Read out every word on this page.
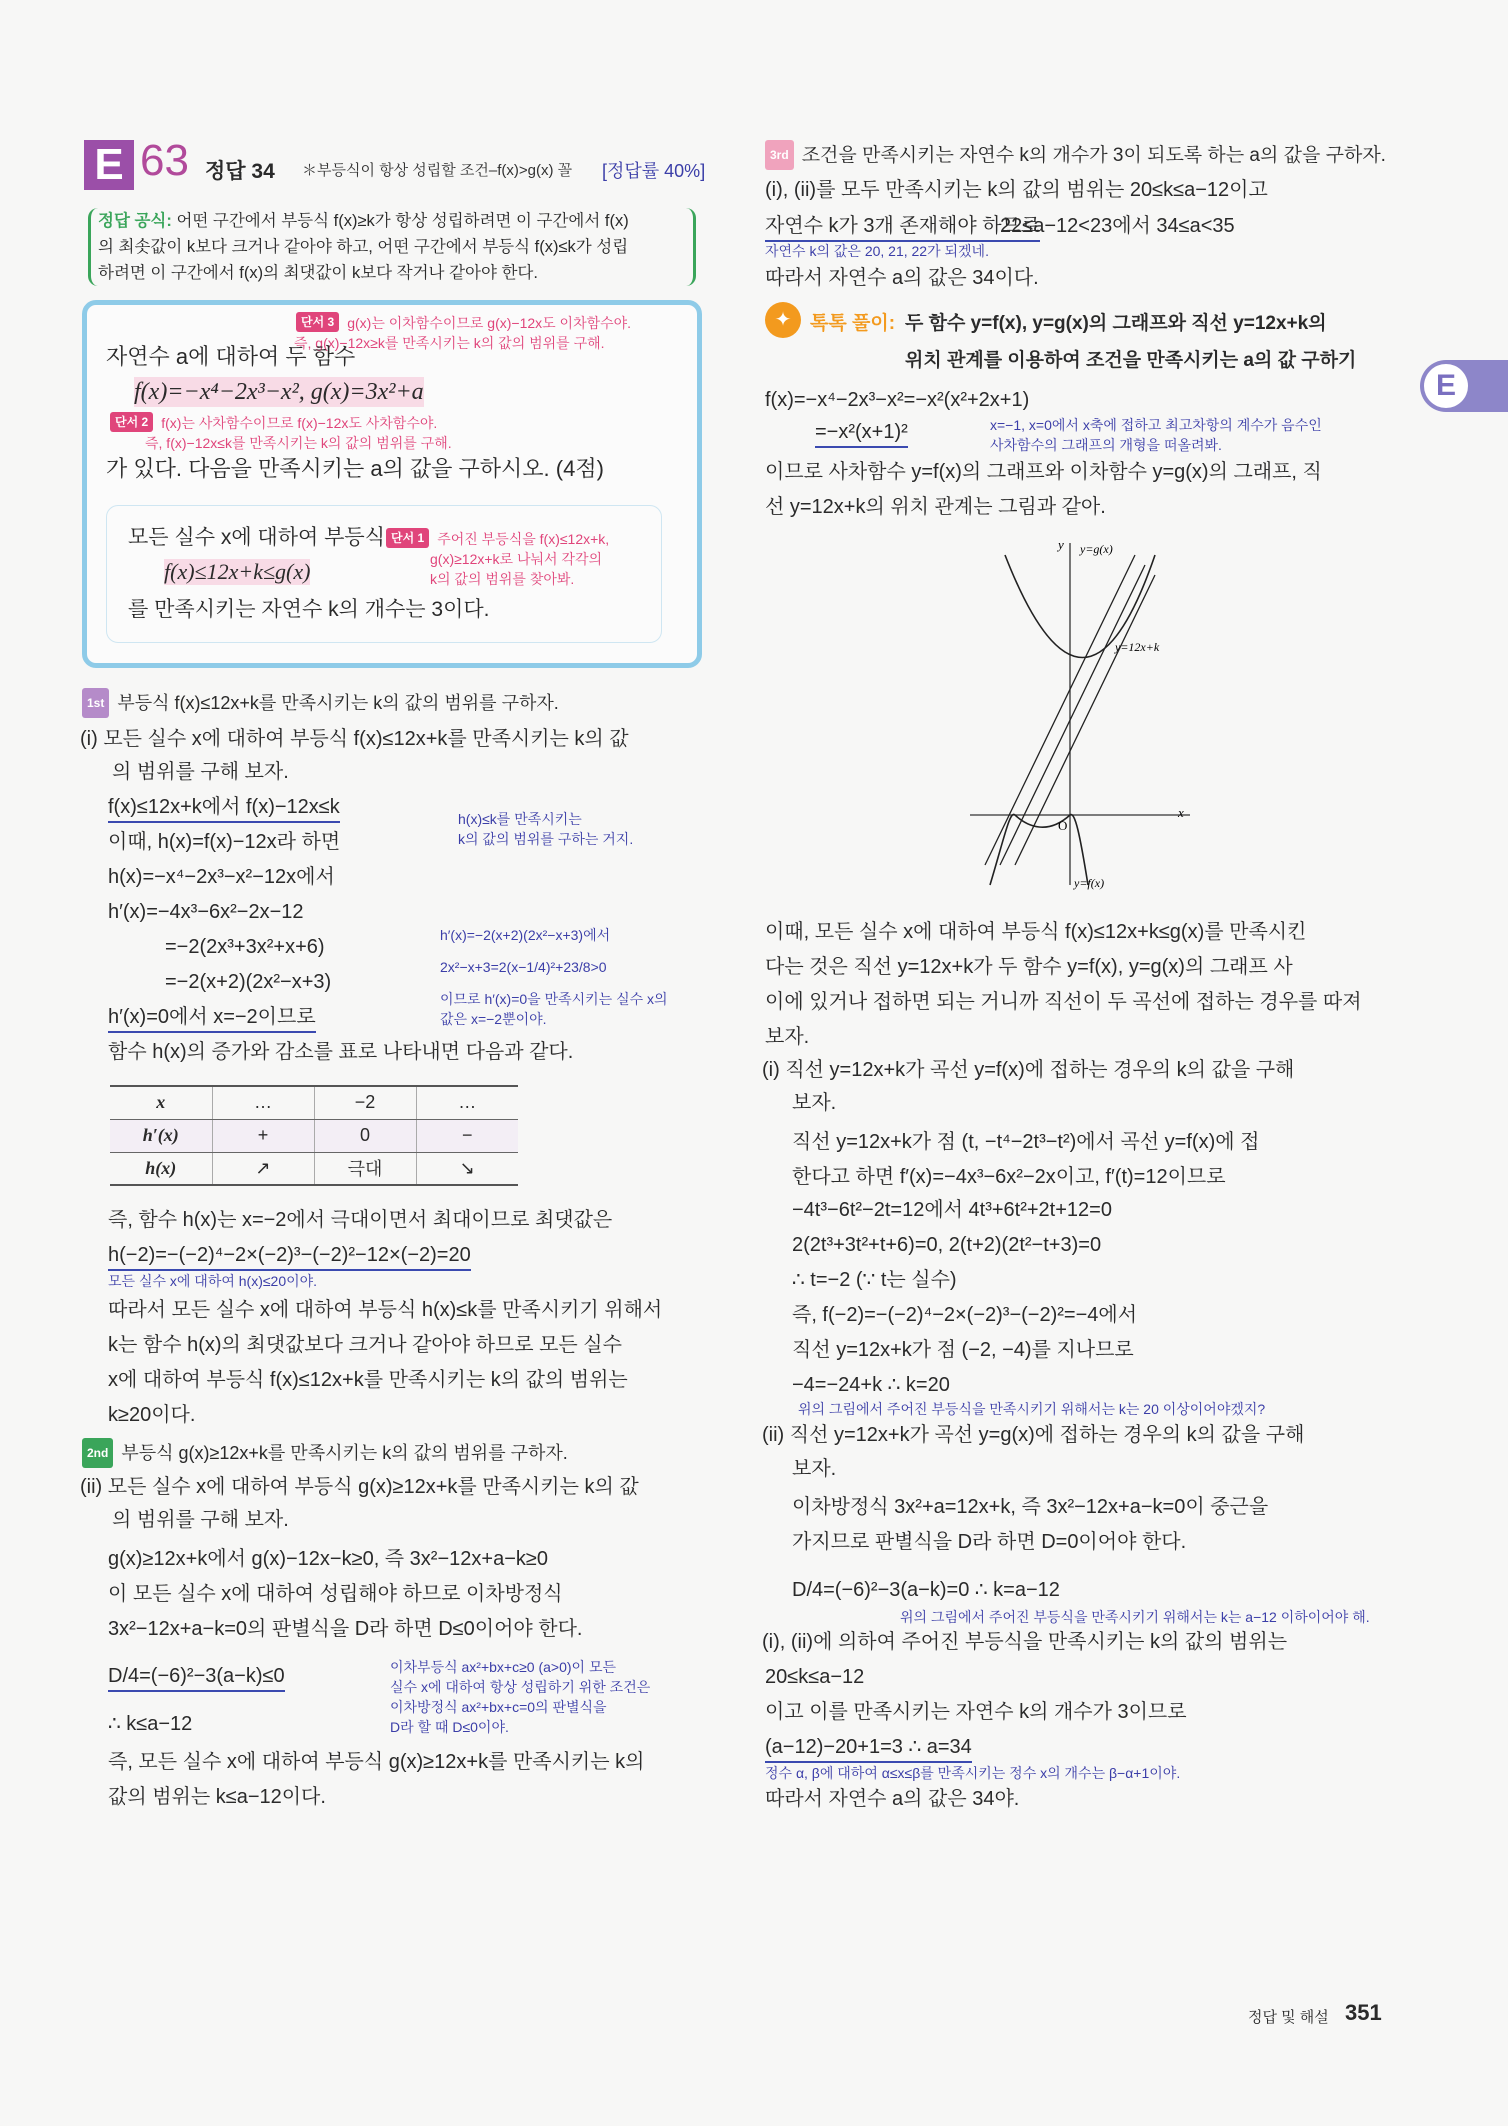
E 63 정답 34 ＊부등식이 항상 성립할 조건–f(x)>g(x) 꼴 [정답률 40%]
정답 공식: 어떤 구간에서 부등식 f(x)≥k가 항상 성립하려면 이 구간에서 f(x)
의 최솟값이 k보다 크거나 같아야 하고, 어떤 구간에서 부등식 f(x)≤k가 성립
하려면 이 구간에서 f(x)의 최댓값이 k보다 작거나 같아야 한다.
단서 3 g(x)는 이차함수이므로 g(x)−12x도 이차함수야.
즉, g(x)−12x≥k를 만족시키는 k의 값의 범위를 구해.
자연수 a에 대하여 두 함수
f(x)=−x⁴−2x³−x², g(x)=3x²+a
단서 2 f(x)는 사차함수이므로 f(x)−12x도 사차함수야.
즉, f(x)−12x≤k를 만족시키는 k의 값의 범위를 구해.
가 있다. 다음을 만족시키는 a의 값을 구하시오. (4점)
모든 실수 x에 대하여 부등식 단서 1 주어진 부등식을 f(x)≤12x+k,
g(x)≥12x+k로 나눠서 각각의
k의 값의 범위를 찾아봐.
f(x)≤12x+k≤g(x)
를 만족시키는 자연수 k의 개수는 3이다.
1st 부등식 f(x)≤12x+k를 만족시키는 k의 값의 범위를 구하자.
(i) 모든 실수 x에 대하여 부등식 f(x)≤12x+k를 만족시키는 k의 값
의 범위를 구해 보자.
f(x)≤12x+k에서 f(x)−12x≤k
이때, h(x)=f(x)−12x라 하면
h(x)=−x⁴−2x³−x²−12x에서
h′(x)=−4x³−6x²−2x−12
=−2(2x³+3x²+x+6)
=−2(x+2)(2x²−x+3)
h′(x)=0에서 x=−2이므로
함수 h(x)의 증가와 감소를 표로 나타내면 다음과 같다.
h(x)≤k를 만족시키는
k의 값의 범위를 구하는 거지.
h′(x)=−2(x+2)(2x²−x+3)에서
2x²−x+3=2(x−1/4)²+23/8>0
이므로 h′(x)=0을 만족시키는 실수 x의
값은 x=−2뿐이야.
x	…	−2	…
h′(x)	+	0	−
h(x)	↗	극대	↘
즉, 함수 h(x)는 x=−2에서 극대이면서 최대이므로 최댓값은
h(−2)=−(−2)⁴−2×(−2)³−(−2)²−12×(−2)=20
모든 실수 x에 대하여 h(x)≤20이야.
따라서 모든 실수 x에 대하여 부등식 h(x)≤k를 만족시키기 위해서
k는 함수 h(x)의 최댓값보다 크거나 같아야 하므로 모든 실수
x에 대하여 부등식 f(x)≤12x+k를 만족시키는 k의 값의 범위는
k≥20이다.
2nd 부등식 g(x)≥12x+k를 만족시키는 k의 값의 범위를 구하자.
(ii) 모든 실수 x에 대하여 부등식 g(x)≥12x+k를 만족시키는 k의 값
의 범위를 구해 보자.
g(x)≥12x+k에서 g(x)−12x−k≥0, 즉 3x²−12x+a−k≥0
이 모든 실수 x에 대하여 성립해야 하므로 이차방정식
3x²−12x+a−k=0의 판별식을 D라 하면 D≤0이어야 한다.
D/4=(−6)²−3(a−k)≤0
∴ k≤a−12
즉, 모든 실수 x에 대하여 부등식 g(x)≥12x+k를 만족시키는 k의
값의 범위는 k≤a−12이다.
이차부등식 ax²+bx+c≥0 (a>0)이 모든
실수 x에 대하여 항상 성립하기 위한 조건은
이차방정식 ax²+bx+c=0의 판별식을
D라 할 때 D≤0이야.
3rd 조건을 만족시키는 자연수 k의 개수가 3이 되도록 하는 a의 값을 구하자.
(i), (ii)를 모두 만족시키는 k의 값의 범위는 20≤k≤a−12이고
자연수 k가 3개 존재해야 하므로
22≤a−12<23에서 34≤a<35
자연수 k의 값은 20, 21, 22가 되겠네.
따라서 자연수 a의 값은 34이다.
✦ 톡톡 풀이: 두 함수 y=f(x), y=g(x)의 그래프와 직선 y=12x+k의
위치 관계를 이용하여 조건을 만족시키는 a의 값 구하기
f(x)=−x⁴−2x³−x²=−x²(x²+2x+1)
=−x²(x+1)²	x=−1, x=0에서 x축에 접하고 최고차항의 계수가 음수인
사차함수의 그래프의 개형을 떠올려봐.
이므로 사차함수 y=f(x)의 그래프와 이차함수 y=g(x)의 그래프, 직
선 y=12x+k의 위치 관계는 그림과 같아.
y=g(x)
y=12x+k
y=f(x)
x
y
O
이때, 모든 실수 x에 대하여 부등식 f(x)≤12x+k≤g(x)를 만족시킨
다는 것은 직선 y=12x+k가 두 함수 y=f(x), y=g(x)의 그래프 사
이에 있거나 접하면 되는 거니까 직선이 두 곡선에 접하는 경우를 따져
보자.
(i) 직선 y=12x+k가 곡선 y=f(x)에 접하는 경우의 k의 값을 구해
보자.
직선 y=12x+k가 점 (t, −t⁴−2t³−t²)에서 곡선 y=f(x)에 접
한다고 하면 f′(x)=−4x³−6x²−2x이고, f′(t)=12이므로
−4t³−6t²−2t=12에서 4t³+6t²+2t+12=0
2(2t³+3t²+t+6)=0, 2(t+2)(2t²−t+3)=0
∴ t=−2 (∵ t는 실수)
즉, f(−2)=−(−2)⁴−2×(−2)³−(−2)²=−4에서
직선 y=12x+k가 점 (−2, −4)를 지나므로
−4=−24+k ∴ k=20
위의 그림에서 주어진 부등식을 만족시키기 위해서는 k는 20 이상이어야겠지?
(ii) 직선 y=12x+k가 곡선 y=g(x)에 접하는 경우의 k의 값을 구해
보자.
이차방정식 3x²+a=12x+k, 즉 3x²−12x+a−k=0이 중근을
가지므로 판별식을 D라 하면 D=0이어야 한다.
D/4=(−6)²−3(a−k)=0 ∴ k=a−12
위의 그림에서 주어진 부등식을 만족시키기 위해서는 k는 a−12 이하이어야 해.
(i), (ii)에 의하여 주어진 부등식을 만족시키는 k의 값의 범위는
20≤k≤a−12
이고 이를 만족시키는 자연수 k의 개수가 3이므로
(a−12)−20+1=3 ∴ a=34
정수 α, β에 대하여 α≤x≤β를 만족시키는 정수 x의 개수는 β−α+1이야.
따라서 자연수 a의 값은 34야.
E
정답 및 해설 351
